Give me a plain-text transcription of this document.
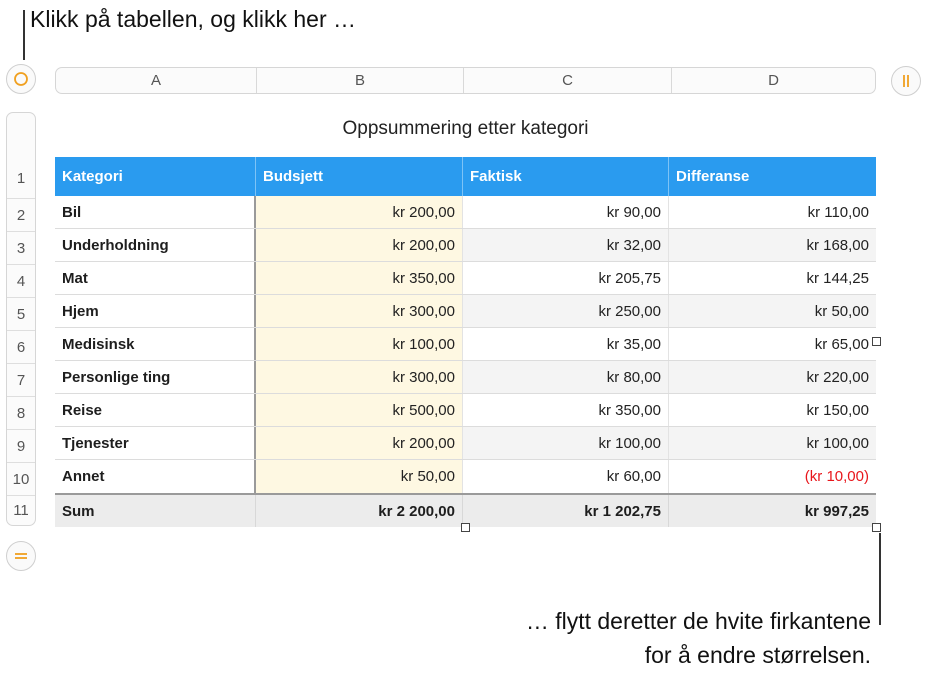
Klikk på tabellen, og klikk her …
… flytt deretter de hvite firkantene
for å endre størrelsen.
A	B	C	D
1
2
3
4
5
6
7
8
9
10
11
Oppsummering etter kategori
Kategori	Budsjett	Faktisk	Differanse
Bil	kr 200,00	kr 90,00	kr 110,00
Underholdning	kr 200,00	kr 32,00	kr 168,00
Mat	kr 350,00	kr 205,75	kr 144,25
Hjem	kr 300,00	kr 250,00	kr 50,00
Medisinsk	kr 100,00	kr 35,00	kr 65,00
Personlige ting	kr 300,00	kr 80,00	kr 220,00
Reise	kr 500,00	kr 350,00	kr 150,00
Tjenester	kr 200,00	kr 100,00	kr 100,00
Annet	kr 50,00	kr 60,00	(kr 10,00)
Sum	kr 2 200,00	kr 1 202,75	kr 997,25
